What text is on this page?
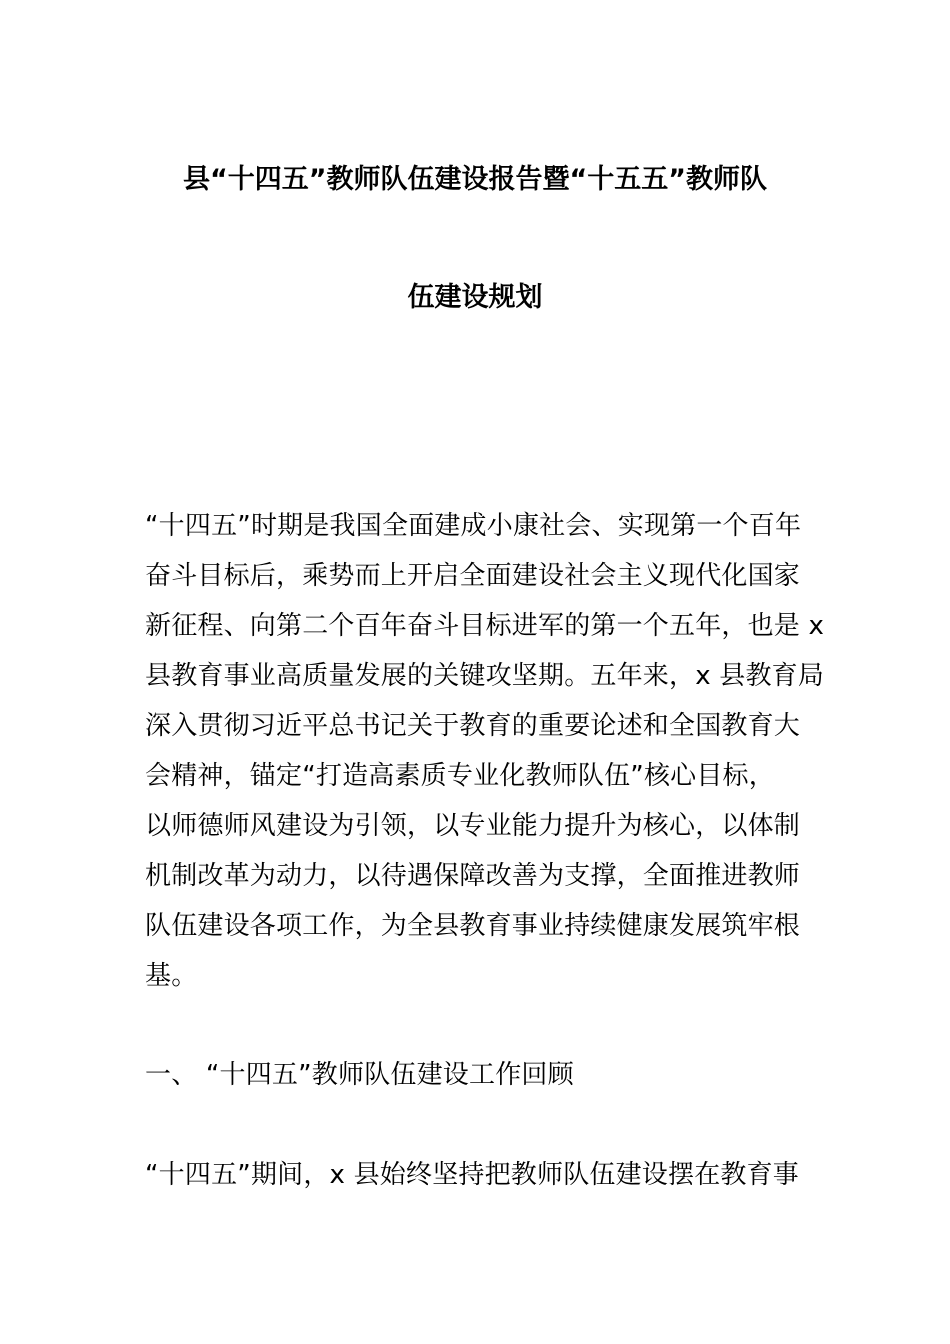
县“十四五”教师队伍建设报告暨“十五五”教师队
伍建设规划
“十四五”时期是我国全面建成小康社会、实现第一个百年
奋斗目标后，乘势而上开启全面建设社会主义现代化国家
新征程、向第二个百年奋斗目标进军的第一个五年，也是 x
县教育事业高质量发展的关键攻坚期。五年来，x 县教育局
深入贯彻习近平总书记关于教育的重要论述和全国教育大
会精神，锚定“打造高素质专业化教师队伍”核心目标，
以师德师风建设为引领，以专业能力提升为核心，以体制
机制改革为动力，以待遇保障改善为支撑，全面推进教师
队伍建设各项工作，为全县教育事业持续健康发展筑牢根
基。
一、 “十四五”教师队伍建设工作回顾
“十四五”期间，x 县始终坚持把教师队伍建设摆在教育事
